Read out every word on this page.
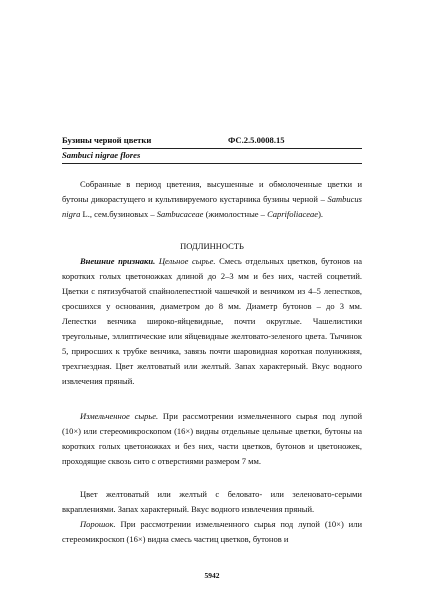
Бузины черной цветки	ФС.2.5.0008.15
Sambuci nigrae flores

Собранные в период цветения, высушенные и обмолоченные цветки и бутоны дикорастущего и культивируемого кустарника бузины черной – Sambucus nigra L., сем.бузиновых – Sambucaceae (жимолостные – Caprifoliaceae).

ПОДЛИННОСТЬ

Внешние признаки. Цельное сырье. Смесь отдельных цветков, бутонов на коротких голых цветоножках длиной до 2–3 мм и без них, частей соцветий. Цветки с пятизубчатой спайнолепестной чашечкой и венчиком из 4–5 лепестков, сросшихся у основания, диаметром до 8 мм. Диаметр бутонов – до 3 мм. Лепестки венчика широко-яйцевидные, почти округлые. Чашелистики треугольные, эллиптические или яйцевидные желтовато-зеленого цвета. Тычинок 5, приросших к трубке венчика, завязь почти шаровидная короткая полунижняя, трехгнездная. Цвет желтоватый или желтый. Запах характерный. Вкус водного извлечения пряный.

Измельченное сырье. При рассмотрении измельченного сырья под лупой (10×) или стереомикроскопом (16×) видны отдельные цельные цветки, бутоны на коротких голых цветоножках и без них, части цветков, бутонов и цветоножек, проходящие сквозь сито с отверстиями размером 7 мм.

Цвет желтоватый или желтый с беловато- или зеленовато-серыми вкраплениями. Запах характерный. Вкус водного извлечения пряный.

Порошок. При рассмотрении измельченного сырья под лупой (10×) или стереомикроскоп (16×) видна смесь частиц цветков, бутонов и

5942
